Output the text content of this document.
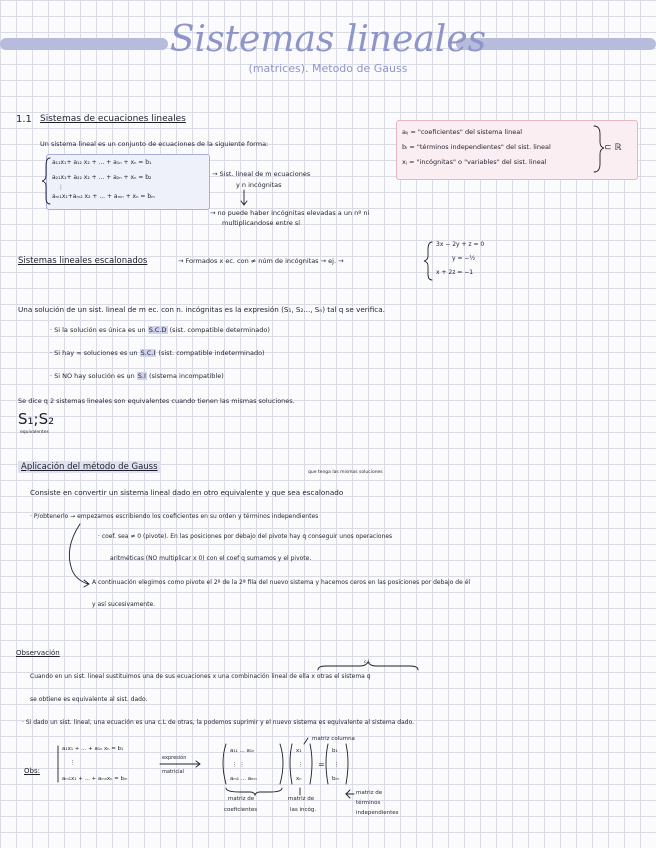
Sistemas lineales
(matrices). Metodo de Gauss
1.1 Sistemas de ecuaciones lineales
Un sistema lineal es un conjunto de ecuaciones de la siguiente forma:
a₁₁x₁+ a₁₂ x₂ + ... + a₁ₙ + xₙ = b₁
a₂₁x₁+ a₂₂ x₂ + ... + a₂ₙ + xₙ = b₂
⋮
aₘ₁x₁+aₘ₂ x₂ + ... + aₘₙ + xₙ = bₘ
→ Sist. lineal de m ecuaciones
y n incógnitas
→ no puede haber incógnitas elevadas a un nº ni
multiplicandose entre sí
aᵢⱼ = "coeficientes" del sistema lineal
bᵢ = "términos independientes" del sist. lineal
xⱼ = "incógnitas" o "variables" del sist. lineal
⊂ ℝ
Sistemas lineales escalonados	→ Formados x ec. con ≠ núm de incógnitas → ej. →
3x − 2y + z = 0
y = −½
x + 2z = −1
Una solución de un sist. lineal de m ec. con n. incógnitas es la expresión (S₁, S₂..., Sₙ) tal q se verifica.
· Si la solución es única es un S.C.D (sist. compatible determinado)
· Si hay ∞ soluciones es un S.C.I (sist. compatible indeterminado)
· Si NO hay solución es un S.I (sistema incompatible)
Se dice q 2 sistemas lineales son equivalentes cuando tienen las mismas soluciones.
S₁;S₂
equivalentes
Aplicación del método de Gauss
que tenga las mismas soluciones
Consiste en convertir un sistema lineal dado en otro equivalente y que sea escalonado
· P/obtenerlo → empezamos escribiendo los coeficientes en su orden y términos independientes
· coef. sea ≠ 0 (pivote). En las posiciones por debajo del pivote hay q conseguir unos operaciones
aritméticas (NO multiplicar x 0) con el coef q sumamos y el pivote.
A continuación elegimos como pivote el 2º de la 2ª fila del nuevo sistema y hacemos ceros en las posiciones por debajo de él
y así sucesivamente.
Observación
c.L
Cuando en un sist. lineal sustituimos una de sus ecuaciones x una combinación lineal de ella x otras el sistema q
se obtiene es equivalente al sist. dado.
· Si dado un sist. lineal, una ecuación es una c.L de otras, la podemos suprimir y el nuevo sistema es equivalente al sistema dado.
Obs:
a₁x₁ + ... + a₁ₙ xₙ = b₁
⋮
aₘ₁x₁ + ... + aₘₙxₙ = bₘ
expresión
matricial
a₁₁ ... a₁ₙ
⋮ ⋮
aₘ₁ ... aₘₙ
x₁
⋮
xₙ
=
b₁
⋮
bₘ
matriz columna
matriz de
coeficientes
matriz de
las incóg.
matriz de
términos
independientes
